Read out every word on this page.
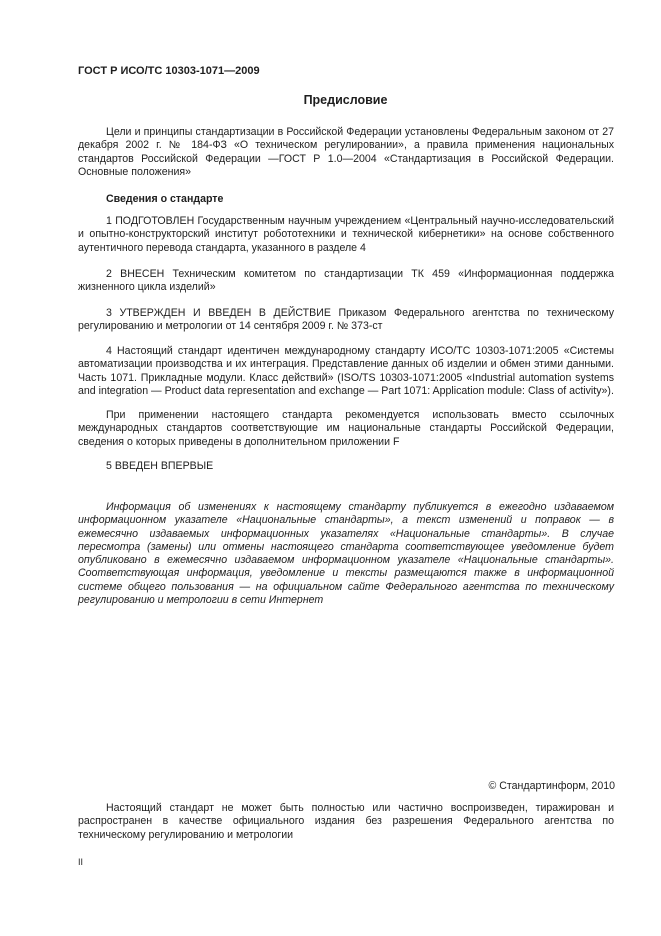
ГОСТ Р ИСО/ТС 10303-1071—2009
Предисловие
Цели и принципы стандартизации в Российской Федерации установлены Федеральным законом от 27 декабря 2002 г. № 184-ФЗ «О техническом регулировании», а правила применения национальных стандартов Российской Федерации —ГОСТ Р 1.0—2004 «Стандартизация в Российской Федерации. Основные положения»
Сведения о стандарте
1 ПОДГОТОВЛЕН Государственным научным учреждением «Центральный научно-исследовательский и опытно-конструкторский институт робототехники и технической кибернетики» на основе собственного аутентичного перевода стандарта, указанного в разделе 4
2 ВНЕСЕН Техническим комитетом по стандартизации ТК 459 «Информационная поддержка жизненного цикла изделий»
3 УТВЕРЖДЕН И ВВЕДЕН В ДЕЙСТВИЕ Приказом Федерального агентства по техническому регулированию и метрологии от 14 сентября 2009 г. № 373-ст
4 Настоящий стандарт идентичен международному стандарту ИСО/ТС 10303-1071:2005 «Системы автоматизации производства и их интеграция. Представление данных об изделии и обмен этими данными. Часть 1071. Прикладные модули. Класс действий» (ISO/TS 10303-1071:2005 «Industrial automation systems and integration — Product data representation and exchange — Part 1071: Application module: Class of activity»).
При применении настоящего стандарта рекомендуется использовать вместо ссылочных международных стандартов соответствующие им национальные стандарты Российской Федерации, сведения о которых приведены в дополнительном приложении F
5 ВВЕДЕН ВПЕРВЫЕ
Информация об изменениях к настоящему стандарту публикуется в ежегодно издаваемом информационном указателе «Национальные стандарты», а текст изменений и поправок — в ежемесячно издаваемых информационных указателях «Национальные стандарты». В случае пересмотра (замены) или отмены настоящего стандарта соответствующее уведомление будет опубликовано в ежемесячно издаваемом информационном указателе «Национальные стандарты». Соответствующая информация, уведомление и тексты размещаются также в информационной системе общего пользования — на официальном сайте Федерального агентства по техническому регулированию и метрологии в сети Интернет
© Стандартинформ, 2010
Настоящий стандарт не может быть полностью или частично воспроизведен, тиражирован и распространен в качестве официального издания без разрешения Федерального агентства по техническому регулированию и метрологии
II
